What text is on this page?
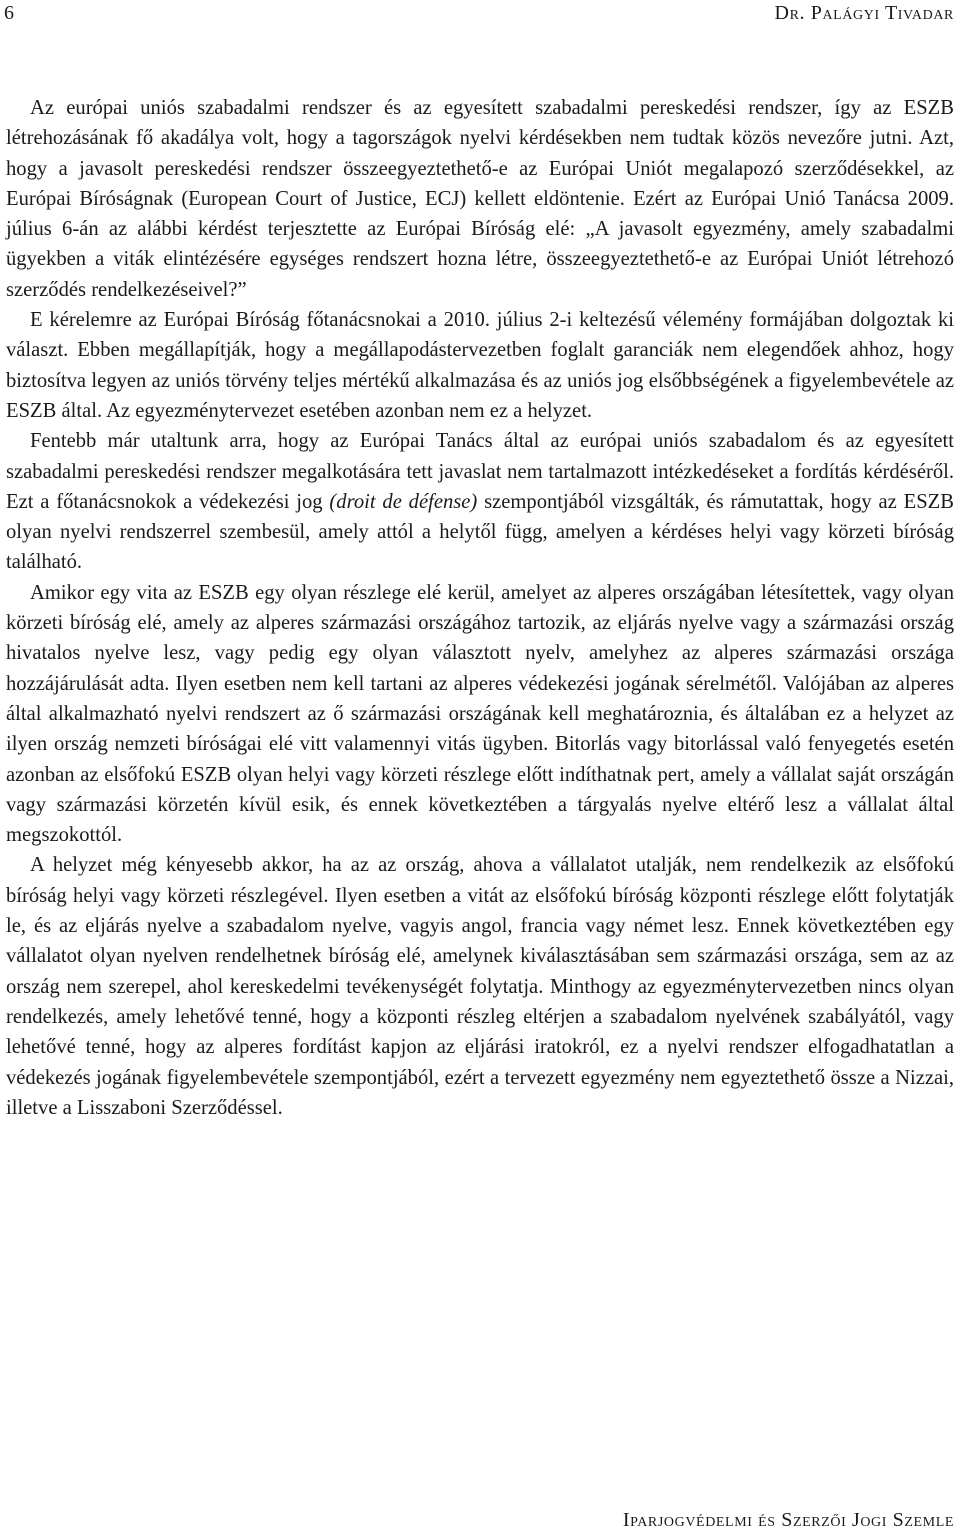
6	Dr. Palágyi Tivadar

Az európai uniós szabadalmi rendszer és az egyesített szabadalmi pereskedési rendszer, így az ESZB létrehozásának fő akadálya volt, hogy a tagországok nyelvi kérdésekben nem tudtak közös nevezőre jutni. Azt, hogy a javasolt pereskedési rendszer összeegyeztethető-e az Európai Uniót megalapozó szerződésekkel, az Európai Bíróságnak (European Court of Justice, ECJ) kellett eldöntenie. Ezért az Európai Unió Tanácsa 2009. július 6-án az alábbi kérdést terjesztette az Európai Bíróság elé: „A javasolt egyezmény, amely szabadalmi ügyekben a viták elintézésére egységes rendszert hozna létre, összeegyeztethető-e az Európai Uniót létrehozó szerződés rendelkezéseivel?”

E kérelemre az Európai Bíróság főtanácsnokai a 2010. július 2-i keltezésű vélemény formájában dolgoztak ki választ. Ebben megállapítják, hogy a megállapodástervezetben foglalt garanciák nem elegendőek ahhoz, hogy biztosítva legyen az uniós törvény teljes mértékű alkalmazása és az uniós jog elsőbbségének a figyelembevétele az ESZB által. Az egyezménytervezet esetében azonban nem ez a helyzet.

Fentebb már utaltunk arra, hogy az Európai Tanács által az európai uniós szabadalom és az egyesített szabadalmi pereskedési rendszer megalkotására tett javaslat nem tartalmazott intézkedéseket a fordítás kérdéséről. Ezt a főtanácsnokok a védekezési jog (droit de défense) szempontjából vizsgálták, és rámutattak, hogy az ESZB olyan nyelvi rendszerrel szembesül, amely attól a helytől függ, amelyen a kérdéses helyi vagy körzeti bíróság található.

Amikor egy vita az ESZB egy olyan részlege elé kerül, amelyet az alperes országában létesítettek, vagy olyan körzeti bíróság elé, amely az alperes származási országához tartozik, az eljárás nyelve vagy a származási ország hivatalos nyelve lesz, vagy pedig egy olyan választott nyelv, amelyhez az alperes származási országa hozzájárulását adta. Ilyen esetben nem kell tartani az alperes védekezési jogának sérelmétől. Valójában az alperes által alkalmazható nyelvi rendszert az ő származási országának kell meghatároznia, és általában ez a helyzet az ilyen ország nemzeti bíróságai elé vitt valamennyi vitás ügyben. Bitorlás vagy bitorlással való fenyegetés esetén azonban az elsőfokú ESZB olyan helyi vagy körzeti részlege előtt indíthatnak pert, amely a vállalat saját országán vagy származási körzetén kívül esik, és ennek következtében a tárgyalás nyelve eltérő lesz a vállalat által megszokottól.

A helyzet még kényesebb akkor, ha az az ország, ahova a vállalatot utalják, nem rendelkezik az elsőfokú bíróság helyi vagy körzeti részlegével. Ilyen esetben a vitát az elsőfokú bíróság központi részlege előtt folytatják le, és az eljárás nyelve a szabadalom nyelve, vagyis angol, francia vagy német lesz. Ennek következtében egy vállalatot olyan nyelven rendelhetnek bíróság elé, amelynek kiválasztásában sem származási országa, sem az az ország nem szerepel, ahol kereskedelmi tevékenységét folytatja. Minthogy az egyezménytervezetben nincs olyan rendelkezés, amely lehetővé tenné, hogy a központi részleg eltérjen a szabadalom nyelvének szabályától, vagy lehetővé tenné, hogy az alperes fordítást kapjon az eljárási iratokról, ez a nyelvi rendszer elfogadhatatlan a védekezés jogának figyelembevétele szempontjából, ezért a tervezett egyezmény nem egyeztethető össze a Nizzai, illetve a Lisszaboni Szerződéssel.

Iparjogvédelmi és Szerzői Jogi Szemle
